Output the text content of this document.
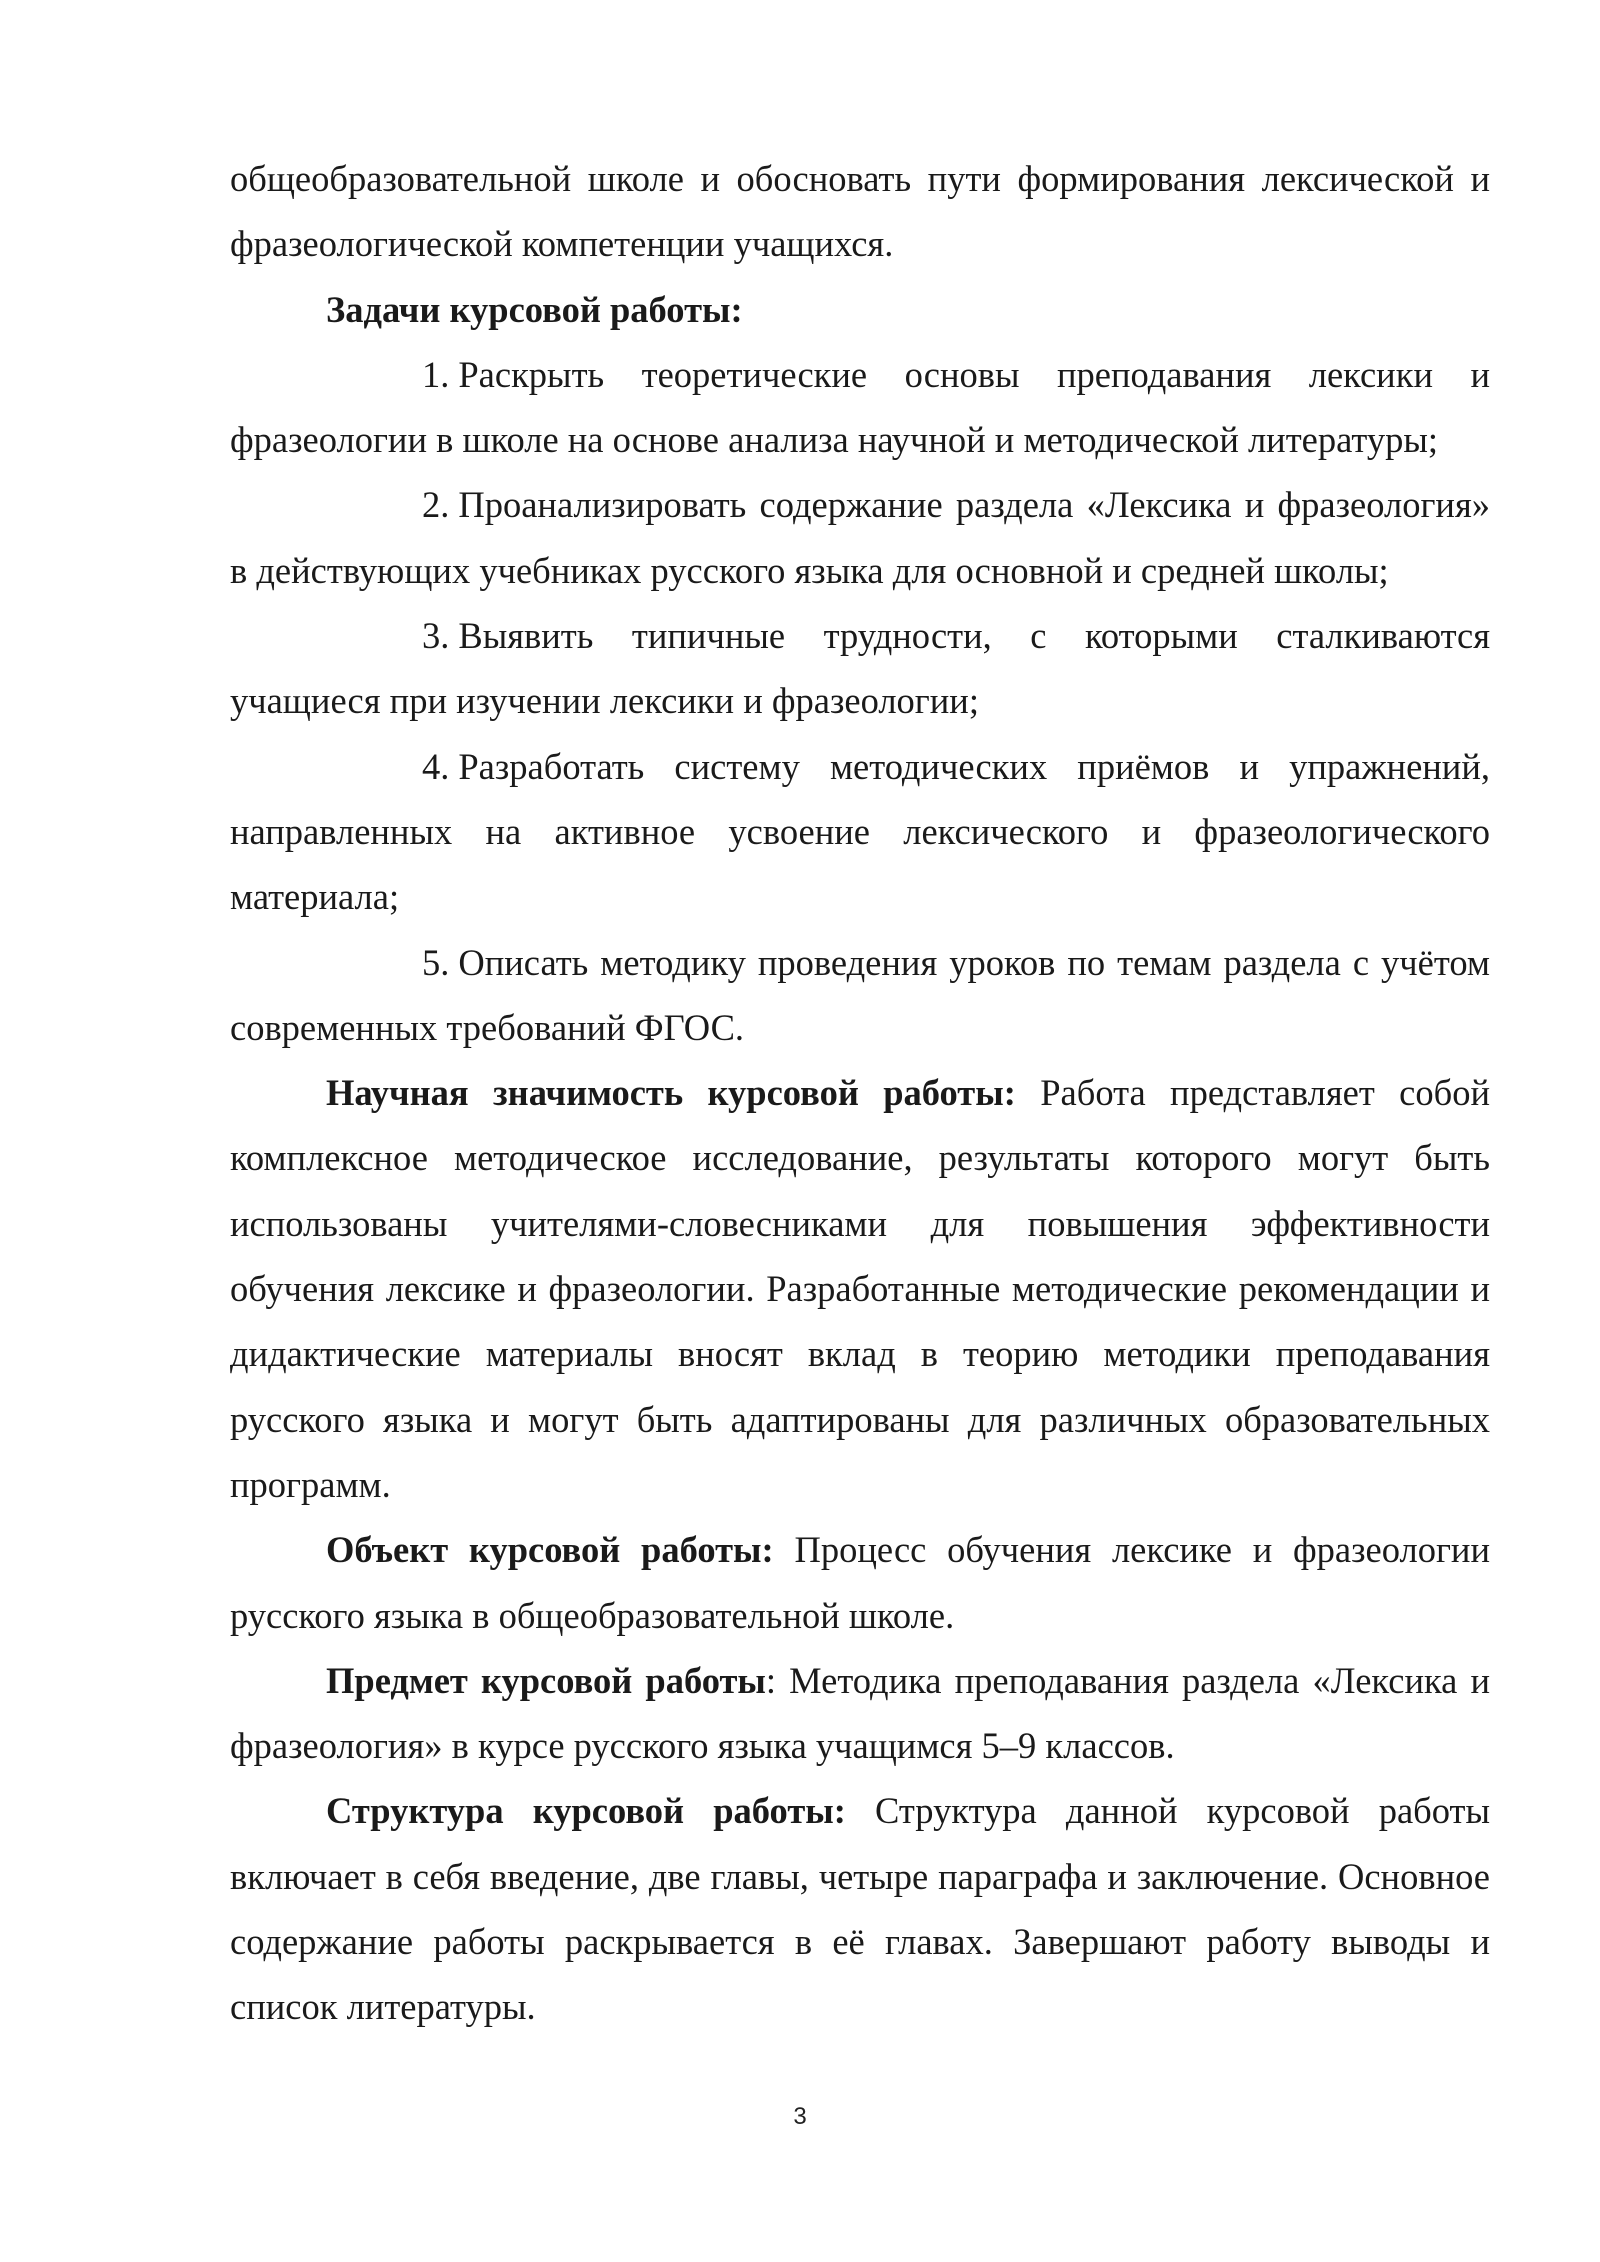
общеобразовательной школе и обосновать пути формирования лексической и фразеологической компетенции учащихся.

Задачи курсовой работы:

1. Раскрыть теоретические основы преподавания лексики и фразеологии в школе на основе анализа научной и методической литературы;

2. Проанализировать содержание раздела «Лексика и фразеология» в действующих учебниках русского языка для основной и средней школы;

3. Выявить типичные трудности, с которыми сталкиваются учащиеся при изучении лексики и фразеологии;

4. Разработать систему методических приёмов и упражнений, направленных на активное усвоение лексического и фразеологического материала;

5. Описать методику проведения уроков по темам раздела с учётом современных требований ФГОС.

Научная значимость курсовой работы: Работа представляет собой комплексное методическое исследование, результаты которого могут быть использованы учителями-словесниками для повышения эффективности обучения лексике и фразеологии. Разработанные методические рекомендации и дидактические материалы вносят вклад в теорию методики преподавания русского языка и могут быть адаптированы для различных образовательных программ.

Объект курсовой работы: Процесс обучения лексике и фразеологии русского языка в общеобразовательной школе.

Предмет курсовой работы: Методика преподавания раздела «Лексика и фразеология» в курсе русского языка учащимся 5–9 классов.

Структура курсовой работы: Структура данной курсовой работы включает в себя введение, две главы, четыре параграфа и заключение. Основное содержание работы раскрывается в её главах. Завершают работу выводы и список литературы.

3
